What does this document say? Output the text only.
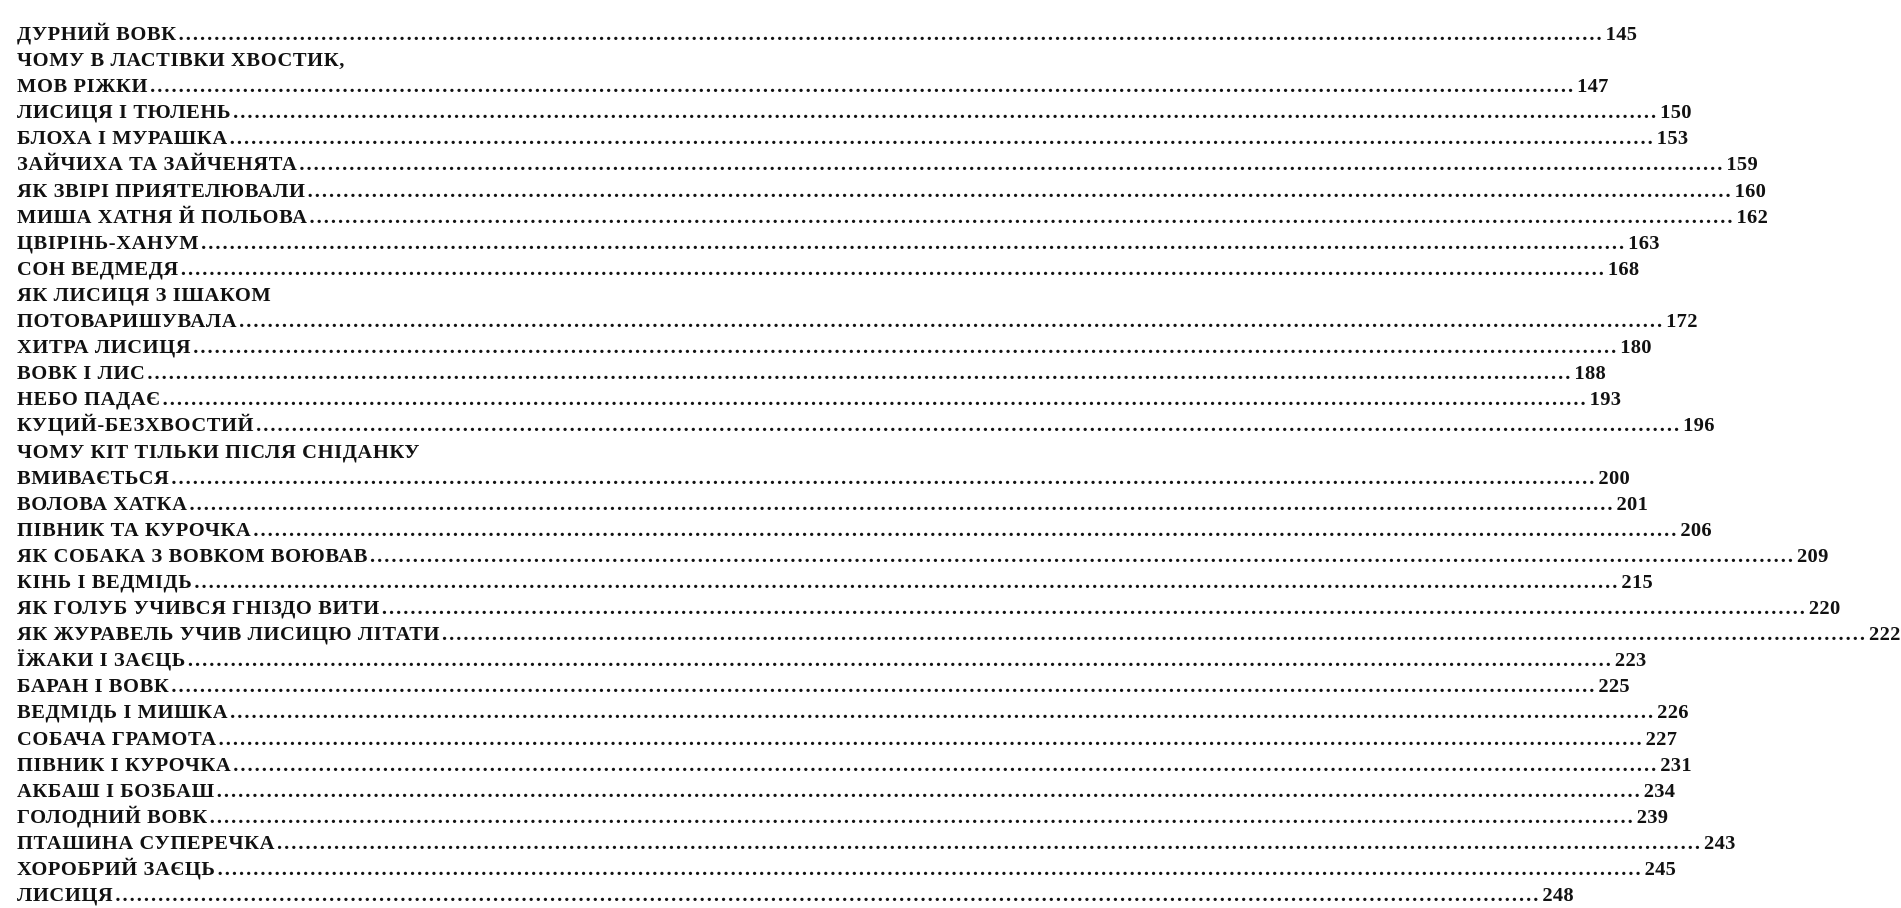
ДУРНИЙ ВОВК ........................................................................................................................................................................................................ 145
ЧОМУ В ЛАСТІВКИ ХВОСТИК,
МОВ РІЖКИ ........................................................................................................................................................................................................ 147
ЛИСИЦЯ І ТЮЛЕНЬ ........................................................................................................................................................................................................ 150
БЛОХА І МУРАШКА ........................................................................................................................................................................................................ 153
ЗАЙЧИХА ТА ЗАЙЧЕНЯТА ........................................................................................................................................................................................................ 159
ЯК ЗВІРІ ПРИЯТЕЛЮВАЛИ ........................................................................................................................................................................................................ 160
МИША ХАТНЯ Й ПОЛЬОВА ........................................................................................................................................................................................................ 162
ЦВІРІНЬ-ХАНУМ ........................................................................................................................................................................................................ 163
СОН ВЕДМЕДЯ ........................................................................................................................................................................................................ 168
ЯК ЛИСИЦЯ З ІШАКОМ
ПОТОВАРИШУВАЛА ........................................................................................................................................................................................................ 172
ХИТРА ЛИСИЦЯ ........................................................................................................................................................................................................ 180
ВОВК І ЛИС ........................................................................................................................................................................................................ 188
НЕБО ПАДАЄ ........................................................................................................................................................................................................ 193
КУЦИЙ-БЕЗХВОСТИЙ ........................................................................................................................................................................................................ 196
ЧОМУ КІТ ТІЛЬКИ ПІСЛЯ СНІДАНКУ
ВМИВАЄТЬСЯ ........................................................................................................................................................................................................ 200
ВОЛОВА ХАТКА ........................................................................................................................................................................................................ 201
ПІВНИК ТА КУРОЧКА ........................................................................................................................................................................................................ 206
ЯК СОБАКА З ВОВКОМ ВОЮВАВ ........................................................................................................................................................................................................ 209
КІНЬ І ВЕДМІДЬ ........................................................................................................................................................................................................ 215
ЯК ГОЛУБ УЧИВСЯ ГНІЗДО ВИТИ ........................................................................................................................................................................................................ 220
ЯК ЖУРАВЕЛЬ УЧИВ ЛИСИЦЮ ЛІТАТИ ........................................................................................................................................................................................................ 222
ЇЖАКИ І ЗАЄЦЬ ........................................................................................................................................................................................................ 223
БАРАН І ВОВК ........................................................................................................................................................................................................ 225
ВЕДМІДЬ І МИШКА ........................................................................................................................................................................................................ 226
СОБАЧА ГРАМОТА ........................................................................................................................................................................................................ 227
ПІВНИК І КУРОЧКА ........................................................................................................................................................................................................ 231
АКБАШ І БОЗБАШ ........................................................................................................................................................................................................ 234
ГОЛОДНИЙ ВОВК ........................................................................................................................................................................................................ 239
ПТАШИНА СУПЕРЕЧКА ........................................................................................................................................................................................................ 243
ХОРОБРИЙ ЗАЄЦЬ ........................................................................................................................................................................................................ 245
ЛИСИЦЯ ........................................................................................................................................................................................................ 248
